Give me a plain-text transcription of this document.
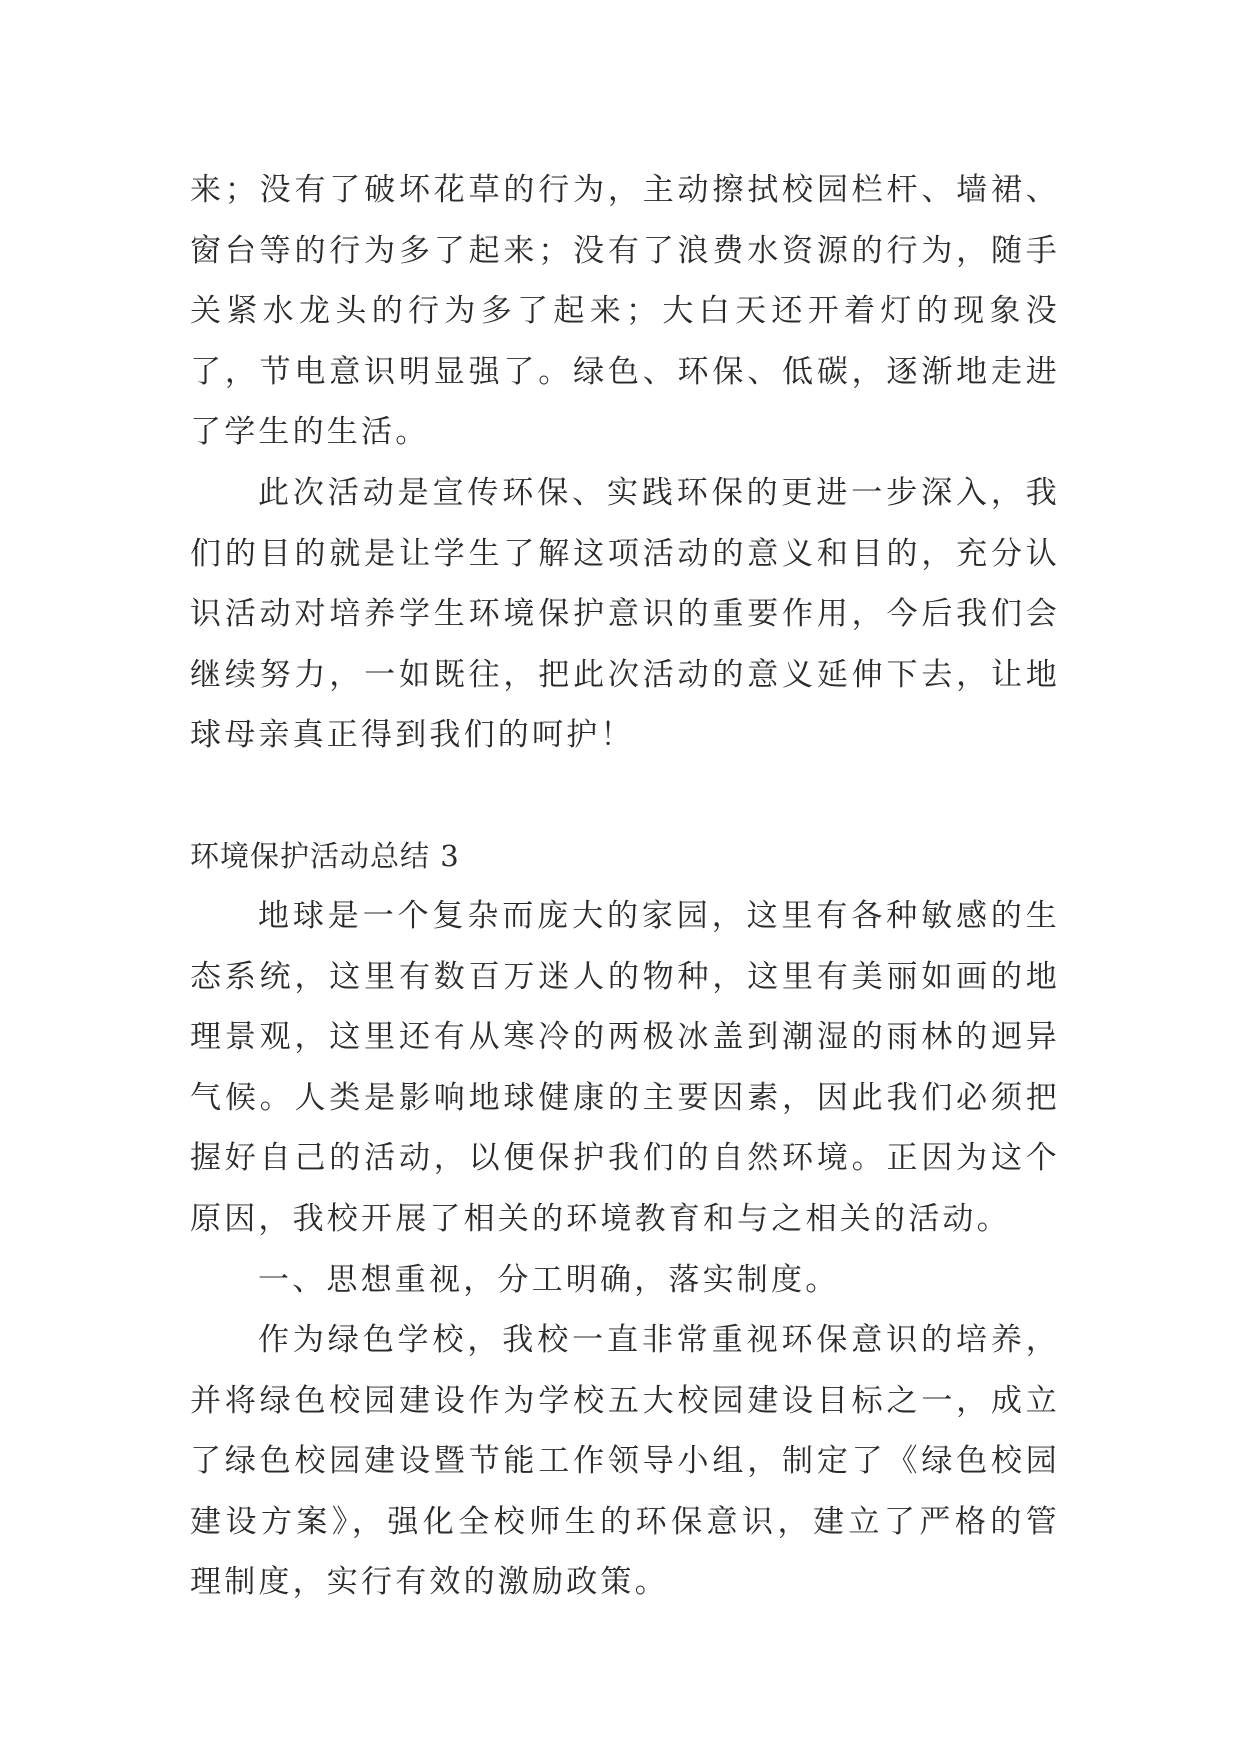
来；没有了破坏花草的行为，主动擦拭校园栏杆、墙裙、窗台等的行为多了起来；没有了浪费水资源的行为，随手关紧水龙头的行为多了起来；大白天还开着灯的现象没了，节电意识明显强了。绿色、环保、低碳，逐渐地走进了学生的生活。

此次活动是宣传环保、实践环保的更进一步深入，我们的目的就是让学生了解这项活动的意义和目的，充分认识活动对培养学生环境保护意识的重要作用，今后我们会继续努力，一如既往，把此次活动的意义延伸下去，让地球母亲真正得到我们的呵护！

环境保护活动总结 3

地球是一个复杂而庞大的家园，这里有各种敏感的生态系统，这里有数百万迷人的物种，这里有美丽如画的地理景观，这里还有从寒冷的两极冰盖到潮湿的雨林的迥异气候。人类是影响地球健康的主要因素，因此我们必须把握好自己的活动，以便保护我们的自然环境。正因为这个原因，我校开展了相关的环境教育和与之相关的活动。

一、思想重视，分工明确，落实制度。

作为绿色学校，我校一直非常重视环保意识的培养，并将绿色校园建设作为学校五大校园建设目标之一，成立了绿色校园建设暨节能工作领导小组，制定了《绿色校园建设方案》，强化全校师生的环保意识，建立了严格的管理制度，实行有效的激励政策。
